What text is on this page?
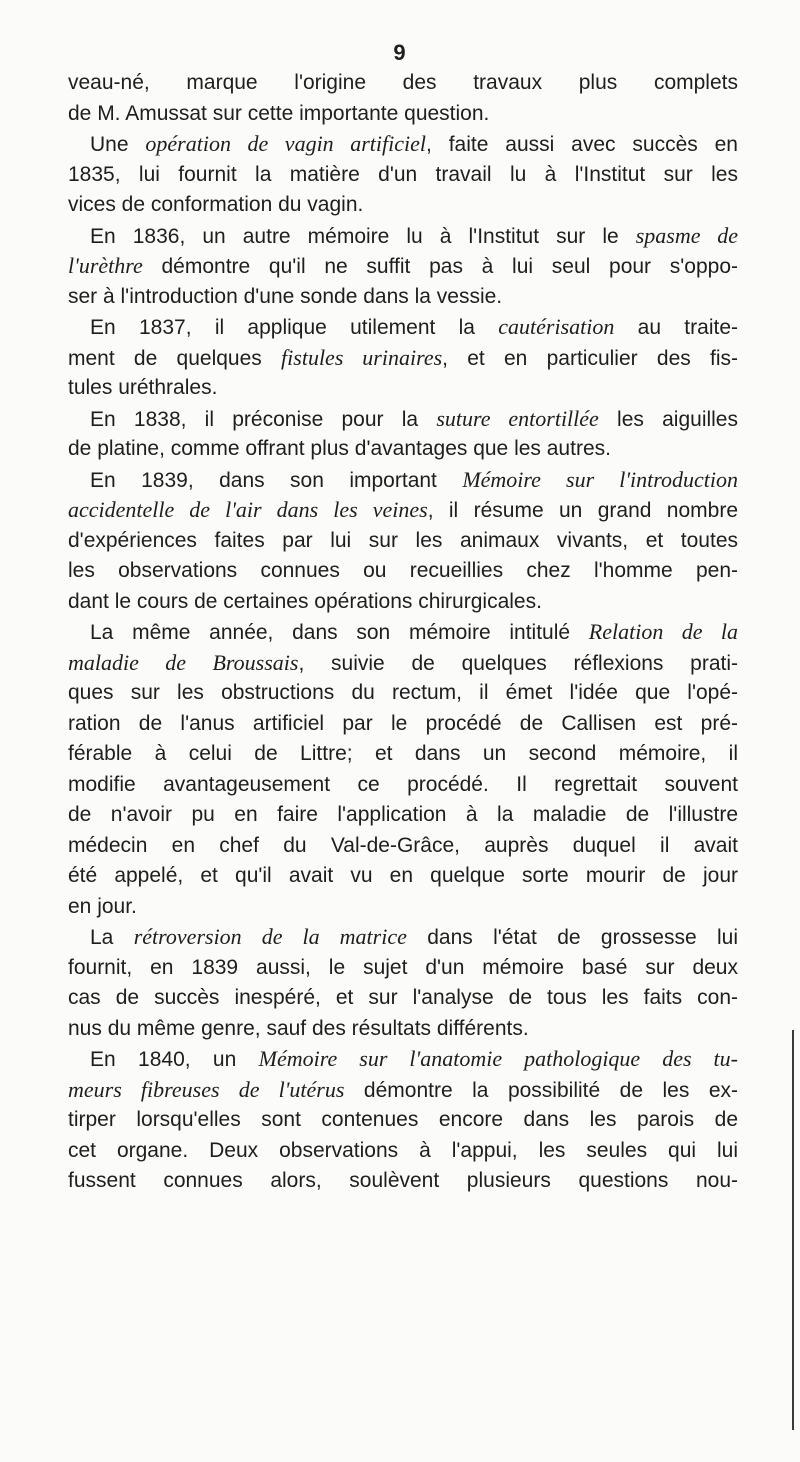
9
veau-né, marque l'origine des travaux plus complets
de M. Amussat sur cette importante question.
Une opération de vagin artificiel, faite aussi avec succès en
1835, lui fournit la matière d'un travail lu à l'Institut sur les
vices de conformation du vagin.
En 1836, un autre mémoire lu à l'Institut sur le spasme de
l'urèthre démontre qu'il ne suffit pas à lui seul pour s'oppo-
ser à l'introduction d'une sonde dans la vessie.
En 1837, il applique utilement la cautérisation au traite-
ment de quelques fistules urinaires, et en particulier des fis-
tules uréthrales.
En 1838, il préconise pour la suture entortillée les aiguilles
de platine, comme offrant plus d'avantages que les autres.
En 1839, dans son important Mémoire sur l'introduction
accidentelle de l'air dans les veines, il résume un grand nombre
d'expériences faites par lui sur les animaux vivants, et toutes
les observations connues ou recueillies chez l'homme pen-
dant le cours de certaines opérations chirurgicales.
La même année, dans son mémoire intitulé Relation de la
maladie de Broussais, suivie de quelques réflexions prati-
ques sur les obstructions du rectum, il émet l'idée que l'opé-
ration de l'anus artificiel par le procédé de Callisen est pré-
férable à celui de Littre; et dans un second mémoire, il
modifie avantageusement ce procédé. Il regrettait souvent
de n'avoir pu en faire l'application à la maladie de l'illustre
médecin en chef du Val-de-Grâce, auprès duquel il avait
été appelé, et qu'il avait vu en quelque sorte mourir de jour
en jour.
La rétroversion de la matrice dans l'état de grossesse lui
fournit, en 1839 aussi, le sujet d'un mémoire basé sur deux
cas de succès inespéré, et sur l'analyse de tous les faits con-
nus du même genre, sauf des résultats différents.
En 1840, un Mémoire sur l'anatomie pathologique des tu-
meurs fibreuses de l'utérus démontre la possibilité de les ex-
tirper lorsqu'elles sont contenues encore dans les parois de
cet organe. Deux observations à l'appui, les seules qui lui
fussent connues alors, soulèvent plusieurs questions nou-
